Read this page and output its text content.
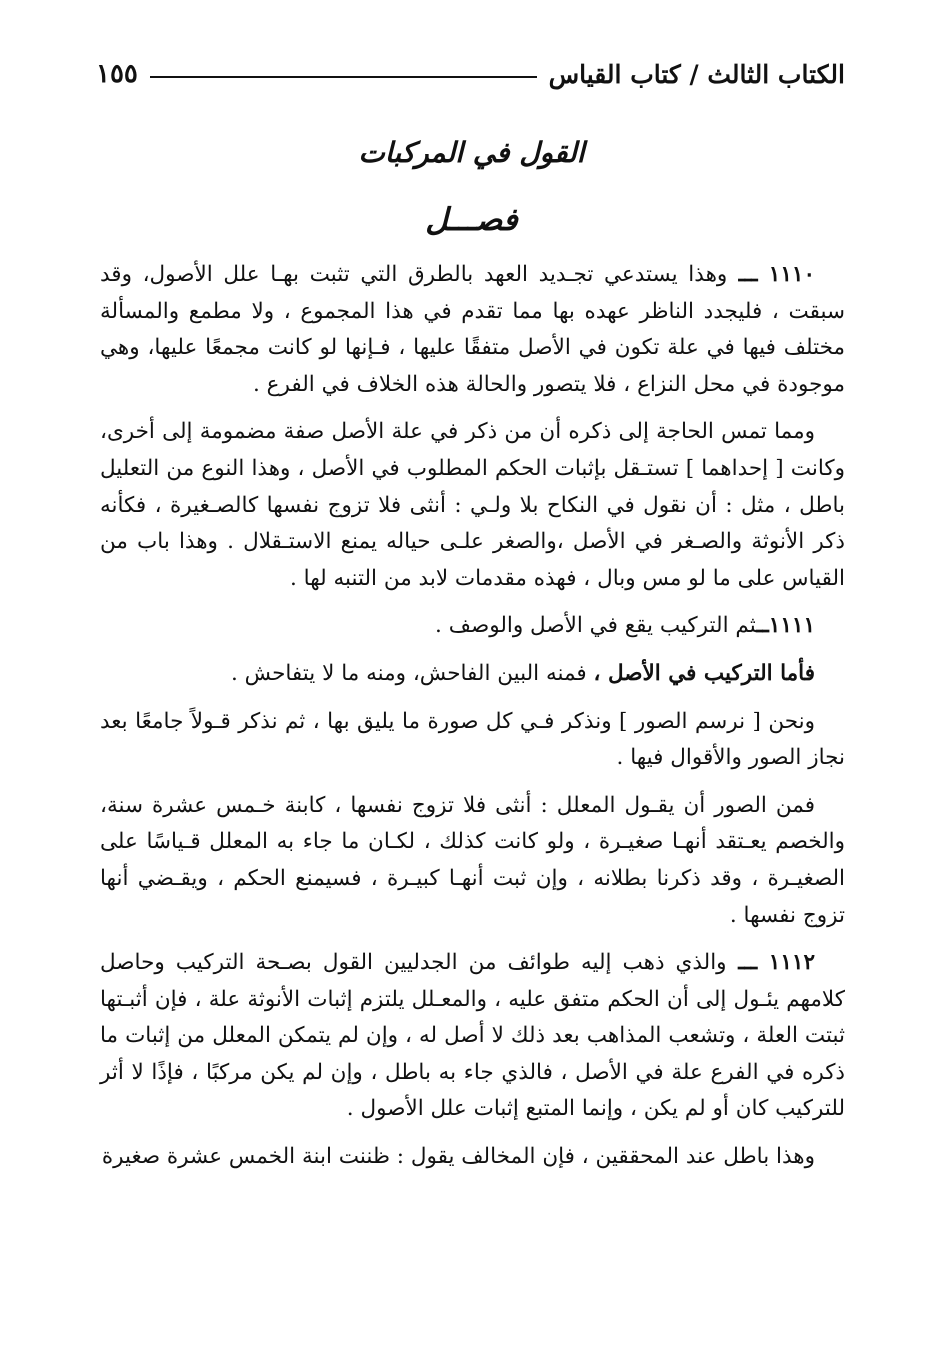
الكتاب الثالث / كتاب القياس
١٥٥
القول في المركبات
فصـــل

١١١٠ ـــ وهذا يستدعي تجـديد العهد بالطرق التي تثبت بهـا علل الأصول، وقد سبقت ، فليجدد الناظر عهده بها مما تقدم في هذا المجموع ، ولا مطمع والمسألة مختلف فيها في علة تكون في الأصل متفقًا عليها ، فـإنها لو كانت مجمعًا عليها، وهي موجودة في محل النزاع ، فلا يتصور والحالة هذه الخلاف في الفرع .

ومما تمس الحاجة إلى ذكره أن من ذكر في علة الأصل صفة مضمومة إلى أخرى، وكانت [ إحداهما ] تستـقل بإثبات الحكم المطلوب في الأصل ، وهذا النوع من التعليل باطل ، مثل : أن نقول في النكاح بلا ولـي : أنثى فلا تزوج نفسها كالصـغيرة ، فكأنه ذكر الأنوثة والصـغر في الأصل ،والصغر علـى حياله يمنع الاستـقلال . وهذا باب من القياس على ما لو مس وبال ، فهذه مقدمات لابد من التنبه لها .

١١١١ــثم التركيب يقع في الأصل والوصف .

فأما التركيب في الأصل ، فمنه البين الفاحش، ومنه ما لا يتفاحش .

ونحن [ نرسم الصور ] ونذكر فـي كل صورة ما يليق بها ، ثم نذكر قـولاً جامعًا بعد نجاز الصور والأقوال فيها .

فمن الصور أن يقـول المعلل : أنثى فلا تزوج نفسها ، كابنة خـمس عشرة سنة، والخصم يعـتقد أنهـا صغيـرة ، ولو كانت كذلك ، لكـان ما جاء به المعلل قـياسًا على الصغيـرة ، وقد ذكرنا بطلانه ، وإن ثبت أنهـا كبيـرة ، فسيمنع الحكم ، ويقـضي أنها تزوج نفسها .

١١١٢ ـــ والذي ذهب إليه طوائف من الجدليين القول بصـحة التركيب وحاصل كلامهم يئـول إلى أن الحكم متفق عليه ، والمعـلل يلتزم إثبات الأنوثة علة ، فإن أثبـتها ثبتت العلة ، وتشعب المذاهب بعد ذلك لا أصل له ، وإن لم يتمكن المعلل من إثبات ما ذكره في الفرع علة في الأصل ، فالذي جاء به باطل ، وإن لم يكن مركبًا ، فإذًا لا أثر للتركيب كان أو لم يكن ، وإنما المتبع إثبات علل الأصول .

وهذا باطل عند المحققين ، فإن المخالف يقول : ظننت ابنة الخمس عشرة صغيرة
